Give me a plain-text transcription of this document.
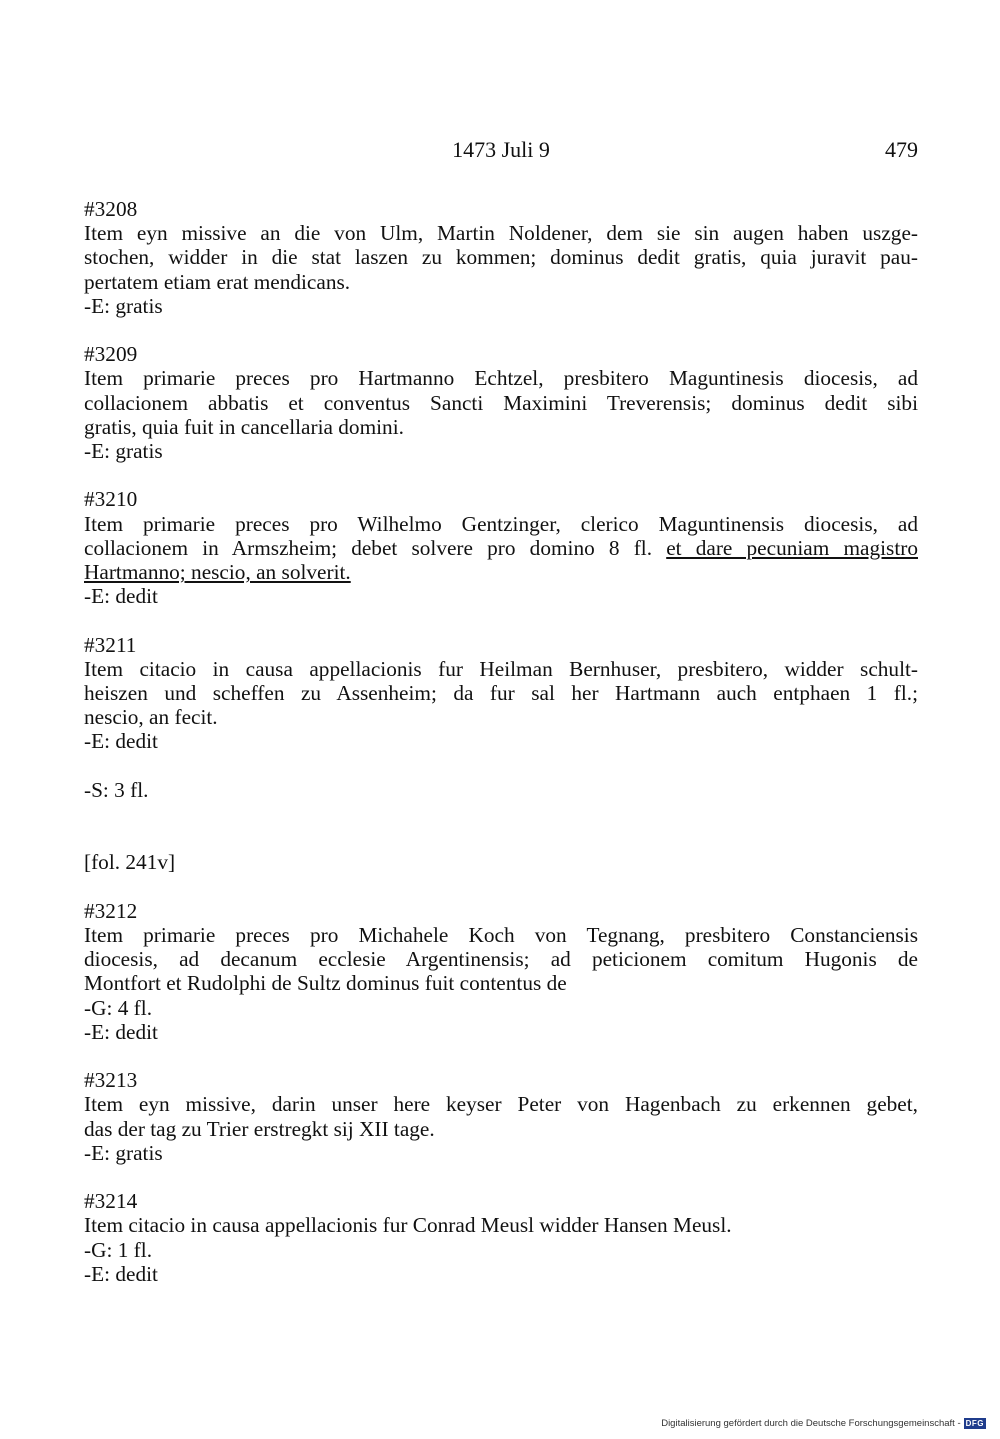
1473 Juli 9	479
#3208
Item eyn missive an die von Ulm, Martin Noldener, dem sie sin augen haben uszge-
stochen, widder in die stat laszen zu kommen; dominus dedit gratis, quia juravit pau-
pertatem etiam erat mendicans.
-E: gratis
#3209
Item primarie preces pro Hartmanno Echtzel, presbitero Maguntinesis diocesis, ad
collacionem abbatis et conventus Sancti Maximini Treverensis; dominus dedit sibi
gratis, quia fuit in cancellaria domini.
-E: gratis
#3210
Item primarie preces pro Wilhelmo Gentzinger, clerico Maguntinensis diocesis, ad
collacionem in Armszheim; debet solvere pro domino 8 fl. et dare pecuniam magistro
Hartmanno; nescio, an solverit.
-E: dedit
#3211
Item citacio in causa appellacionis fur Heilman Bernhuser, presbitero, widder schult-
heiszen und scheffen zu Assenheim; da fur sal her Hartmann auch entphaen 1 fl.;
nescio, an fecit.
-E: dedit
-S: 3 fl.
[fol. 241v]
#3212
Item primarie preces pro Michahele Koch von Tegnang, presbitero Constanciensis
diocesis, ad decanum ecclesie Argentinensis; ad peticionem comitum Hugonis de
Montfort et Rudolphi de Sultz dominus fuit contentus de
-G: 4 fl.
-E: dedit
#3213
Item eyn missive, darin unser here keyser Peter von Hagenbach zu erkennen gebet,
das der tag zu Trier erstregkt sij XII tage.
-E: gratis
#3214
Item citacio in causa appellacionis fur Conrad Meusl widder Hansen Meusl.
-G: 1 fl.
-E: dedit
Digitalisierung gefördert durch die Deutsche Forschungsgemeinschaft - DFG
